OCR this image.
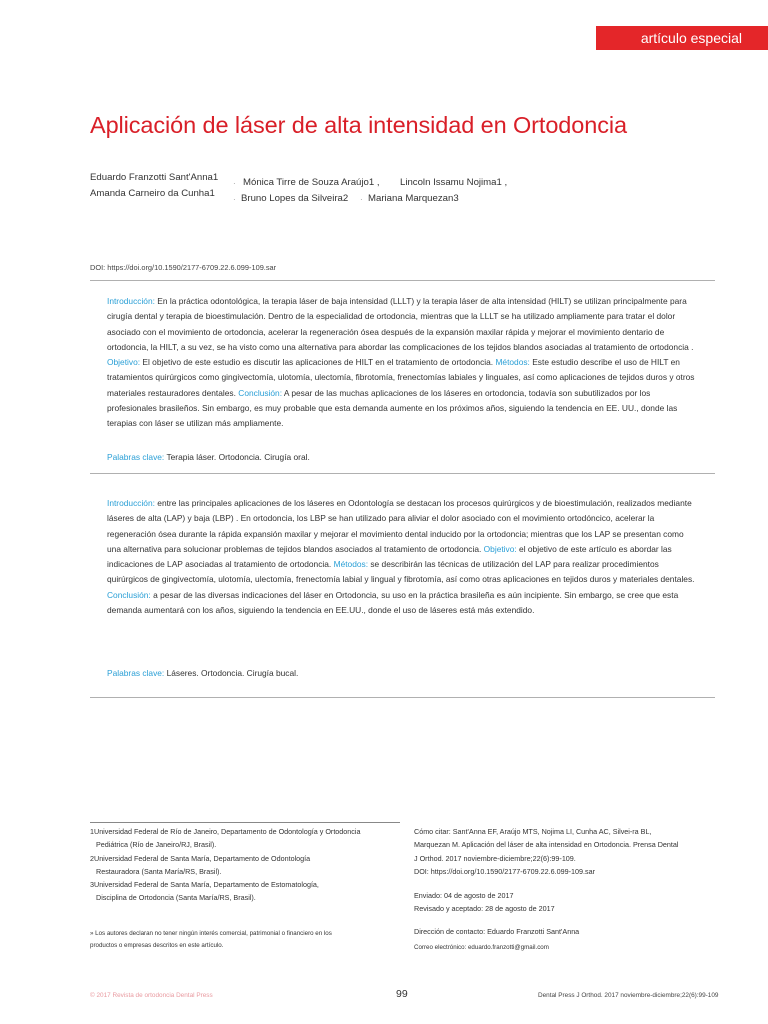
artículo especial
Aplicación de láser de alta intensidad en Ortodoncia
Eduardo Franzotti Sant'Anna1
· Mónica Tirre de Souza Araújo1 , Lincoln Issamu Nojima1 ,
Amanda Carneiro da Cunha1
· Bruno Lopes da Silveira2 · Mariana Marquezan3
DOI: https://doi.org/10.1590/2177-6709.22.6.099-109.sar
Introducción: En la práctica odontológica, la terapia láser de baja intensidad (LLLT) y la terapia láser de alta intensidad (HILT) se utilizan principalmente para cirugía dental y terapia de bioestimulación. Dentro de la especialidad de ortodoncia, mientras que la LLLT se ha utilizado ampliamente para tratar el dolor asociado con el movimiento de ortodoncia, acelerar la regeneración ósea después de la expansión maxilar rápida y mejorar el movimiento dentario de ortodoncia, la HILT, a su vez, se ha visto como una alternativa para abordar las complicaciones de los tejidos blandos asociadas al tratamiento de ortodoncia . Objetivo: El objetivo de este estudio es discutir las aplicaciones de HILT en el tratamiento de ortodoncia. Métodos: Este estudio describe el uso de HILT en tratamientos quirúrgicos como gingivectomía, ulotomía, ulectomía, fibrotomía, frenectomías labiales y linguales, así como aplicaciones de tejidos duros y otros materiales restauradores dentales. Conclusión: A pesar de las muchas aplicaciones de los láseres en ortodoncia, todavía son subutilizados por los profesionales brasileños. Sin embargo, es muy probable que esta demanda aumente en los próximos años, siguiendo la tendencia en EE. UU., donde las terapias con láser se utilizan más ampliamente.
Palabras clave: Terapia láser. Ortodoncia. Cirugía oral.
Introducción: entre las principales aplicaciones de los láseres en Odontología se destacan los procesos quirúrgicos y de bioestimulación, realizados mediante láseres de alta (LAP) y baja (LBP) . En ortodoncia, los LBP se han utilizado para aliviar el dolor asociado con el movimiento ortodóncico, acelerar la regeneración ósea durante la rápida expansión maxilar y mejorar el movimiento dental inducido por la ortodoncia; mientras que los LAP se presentan como una alternativa para solucionar problemas de tejidos blandos asociados al tratamiento de ortodoncia. Objetivo: el objetivo de este artículo es abordar las indicaciones de LAP asociadas al tratamiento de ortodoncia. Métodos: se describirán las técnicas de utilización del LAP para realizar procedimientos quirúrgicos de gingivectomía, ulotomía, ulectomía, frenectomía labial y lingual y fibrotomía, así como otras aplicaciones en tejidos duros y materiales dentales. Conclusión: a pesar de las diversas indicaciones del láser en Ortodoncia, su uso en la práctica brasileña es aún incipiente. Sin embargo, se cree que esta demanda aumentará con los años, siguiendo la tendencia en EE.UU., donde el uso de láseres está más extendido.
Palabras clave: Láseres. Ortodoncia. Cirugía bucal.
1Universidad Federal de Río de Janeiro, Departamento de Odontología y Ortodoncia
Pediátrica (Río de Janeiro/RJ, Brasil).
2Universidad Federal de Santa María, Departamento de Odontología
Restauradora (Santa María/RS, Brasil).
3Universidad Federal de Santa María, Departamento de Estomatología,
Disciplina de Ortodoncia (Santa María/RS, Brasil).
» Los autores declaran no tener ningún interés comercial, patrimonial o financiero en los
productos o empresas descritos en este artículo.
Cómo citar: Sant'Anna EF, Araújo MTS, Nojima LI, Cunha AC, Silvei-ra BL,
Marquezan M. Aplicación del láser de alta intensidad en Ortodoncia. Prensa Dental
J Orthod. 2017 noviembre-diciembre;22(6):99-109.
DOI: https://doi.org/10.1590/2177-6709.22.6.099-109.sar
Enviado: 04 de agosto de 2017
Revisado y aceptado: 28 de agosto de 2017
Dirección de contacto: Eduardo Franzotti Sant'Anna
Correo electrónico: eduardo.franzotti@gmail.com
© 2017 Revista de ortodoncia Dental Press	99	Dental Press J Orthod. 2017 noviembre-diciembre;22(6):99-109
